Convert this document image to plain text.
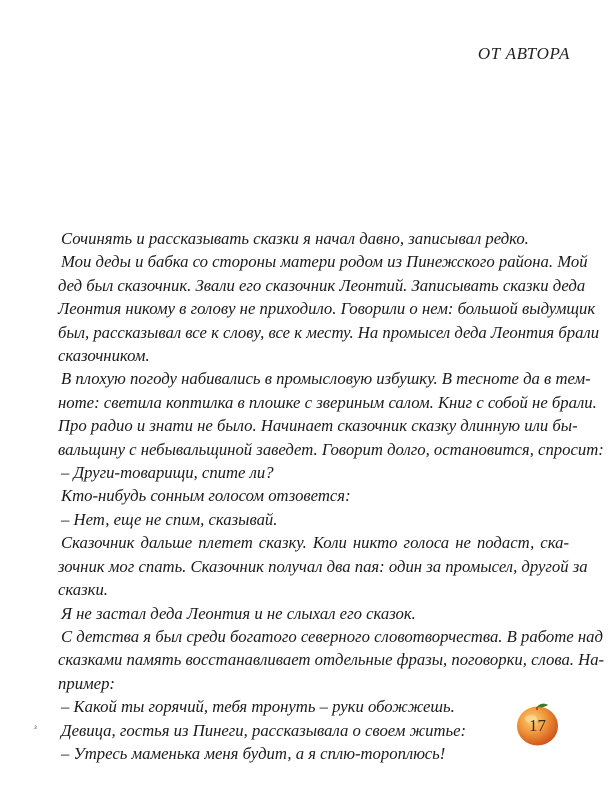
ОТ АВТОРА
Сочинять и рассказывать сказки я начал давно, записывал редко.
Мои деды и бабка со стороны матери родом из Пинежского района. Мой
дед был сказочник. Звали его сказочник Леонтий. Записывать сказки деда
Леонтия никому в голову не приходило. Говорили о нем: большой выдумщик
был, рассказывал все к слову, все к месту. На промысел деда Леонтия брали
сказочником.
В плохую погоду набивались в промысловую избушку. В тесноте да в тем-
ноте: светила коптилка в плошке с звериным салом. Книг с собой не брали.
Про радио и знати не было. Начинает сказочник сказку длинную или бы-
вальщину с небывальщиной заведет. Говорит долго, остановится, спросит:
– Други-товарищи, спите ли?
Кто-нибудь сонным голосом отзовется:
– Нет, еще не спим, сказывай.
Сказочник дальше плетет сказку. Коли никто голоса не подаст, ска-
зочник мог спать. Сказочник получал два пая: один за промысел, другой за
сказки.
Я не застал деда Леонтия и не слыхал его сказок.
С детства я был среди богатого северного словотворчества. В работе над
сказками память восстанавливает отдельные фразы, поговорки, слова. На-
пример:
– Какой ты горячий, тебя тронуть – руки обожжешь.
Девица, гостья из Пинеги, рассказывала о своем житье:
– Утресь маменька меня будит, а я сплю-тороплюсь!
з	17
